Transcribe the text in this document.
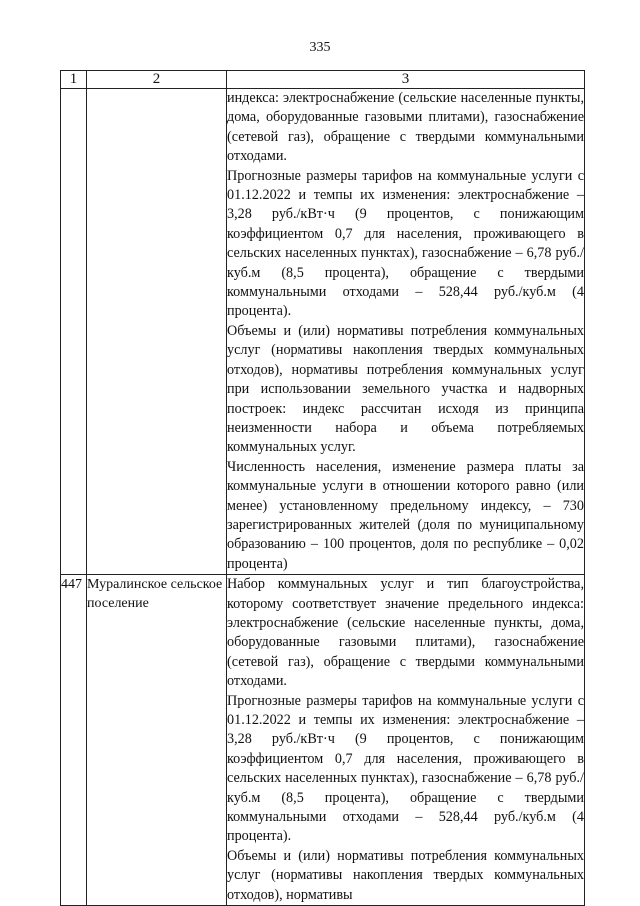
335
1	2	3

		индекса: электроснабжение (сельские населенные пункты, дома, оборудованные газовыми плитами), газоснабжение (сетевой газ), обращение с твердыми коммунальными отходами.

Прогнозные размеры тарифов на коммунальные услуги с 01.12.2022 и темпы их изменения: электроснабжение – 3,28 руб./кВт·ч (9 процентов, с понижающим коэффициентом 0,7 для населения, проживающего в сельских населенных пунктах), газоснабжение – 6,78 руб./куб.м (8,5 процента), обращение с твердыми коммунальными отходами – 528,44 руб./куб.м (4 процента).

Объемы и (или) нормативы потребления коммунальных услуг (нормативы накопления твердых коммунальных отходов), нормативы потребления коммунальных услуг при использовании земельного участка и надворных построек: индекс рассчитан исходя из принципа неизменности набора и объема потребляемых коммунальных услуг.

Численность населения, изменение размера платы за коммунальные услуги в отношении которого равно (или менее) установленному предельному индексу, – 730 зарегистрированных жителей (доля по муниципальному образованию – 100 процентов, доля по республике – 0,02 процента)

447	Муралинское сельское поселение	Набор коммунальных услуг и тип благоустройства, которому соответствует значение предельного индекса: электроснабжение (сельские населенные пункты, дома, оборудованные газовыми плитами), газоснабжение (сетевой газ), обращение с твердыми коммунальными отходами.

Прогнозные размеры тарифов на коммунальные услуги с 01.12.2022 и темпы их изменения: электроснабжение – 3,28 руб./кВт·ч (9 процентов, с понижающим коэффициентом 0,7 для населения, проживающего в сельских населенных пунктах), газоснабжение – 6,78 руб./куб.м (8,5 процента), обращение с твердыми коммунальными отходами – 528,44 руб./куб.м (4 процента).

Объемы и (или) нормативы потребления коммунальных услуг (нормативы накопления твердых коммунальных отходов), нормативы
